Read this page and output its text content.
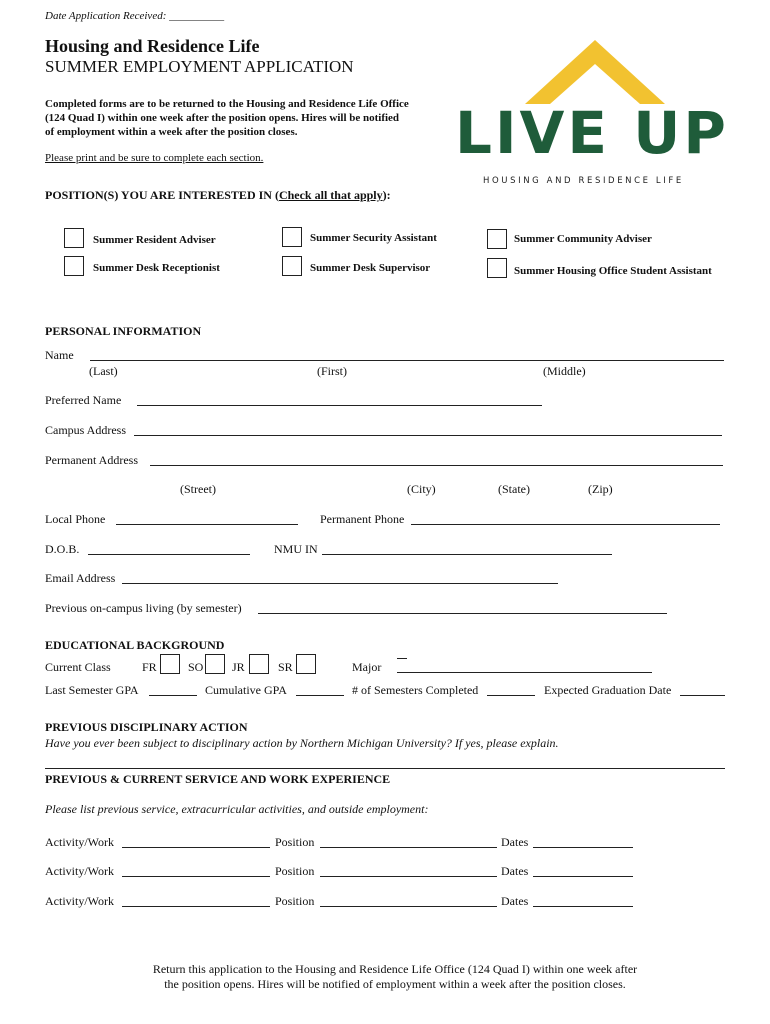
Date Application Received: __________
Housing and Residence Life
SUMMER EMPLOYMENT APPLICATION
Completed forms are to be returned to the Housing and Residence Life Office
(124 Quad I) within one week after the position opens. Hires will be notified
of employment within a week after the position closes.
Please print and be sure to complete each section.	LIVE UP
HOUSING AND RESIDENCE LIFE
POSITION(S) YOU ARE INTERESTED IN (Check all that apply):
Summer Resident Adviser	Summer Security Assistant	Summer Community Adviser
Summer Desk Receptionist	Summer Desk Supervisor	Summer Housing Office Student Assistant
PERSONAL INFORMATION
Name
(Last)	(First)	(Middle)
Preferred Name
Campus Address
Permanent Address
(Street)	(City)	(State)	(Zip)
Local Phone	Permanent Phone
D.O.B.	NMU IN
Email Address
Previous on-campus living (by semester)
EDUCATIONAL BACKGROUND
Current Class	FR	SO JR	SR	Major
Last Semester GPA	Cumulative GPA	# of Semesters Completed	Expected Graduation Date
PREVIOUS DISCIPLINARY ACTION
Have you ever been subject to disciplinary action by Northern Michigan University? If yes, please explain.
PREVIOUS & CURRENT SERVICE AND WORK EXPERIENCE
Please list previous service, extracurricular activities, and outside employment:
Activity/Work	Position	Dates
Activity/Work	Position	Dates
Activity/Work	Position	Dates
Return this application to the Housing and Residence Life Office (124 Quad I) within one week after
the position opens. Hires will be notified of employment within a week after the position closes.
